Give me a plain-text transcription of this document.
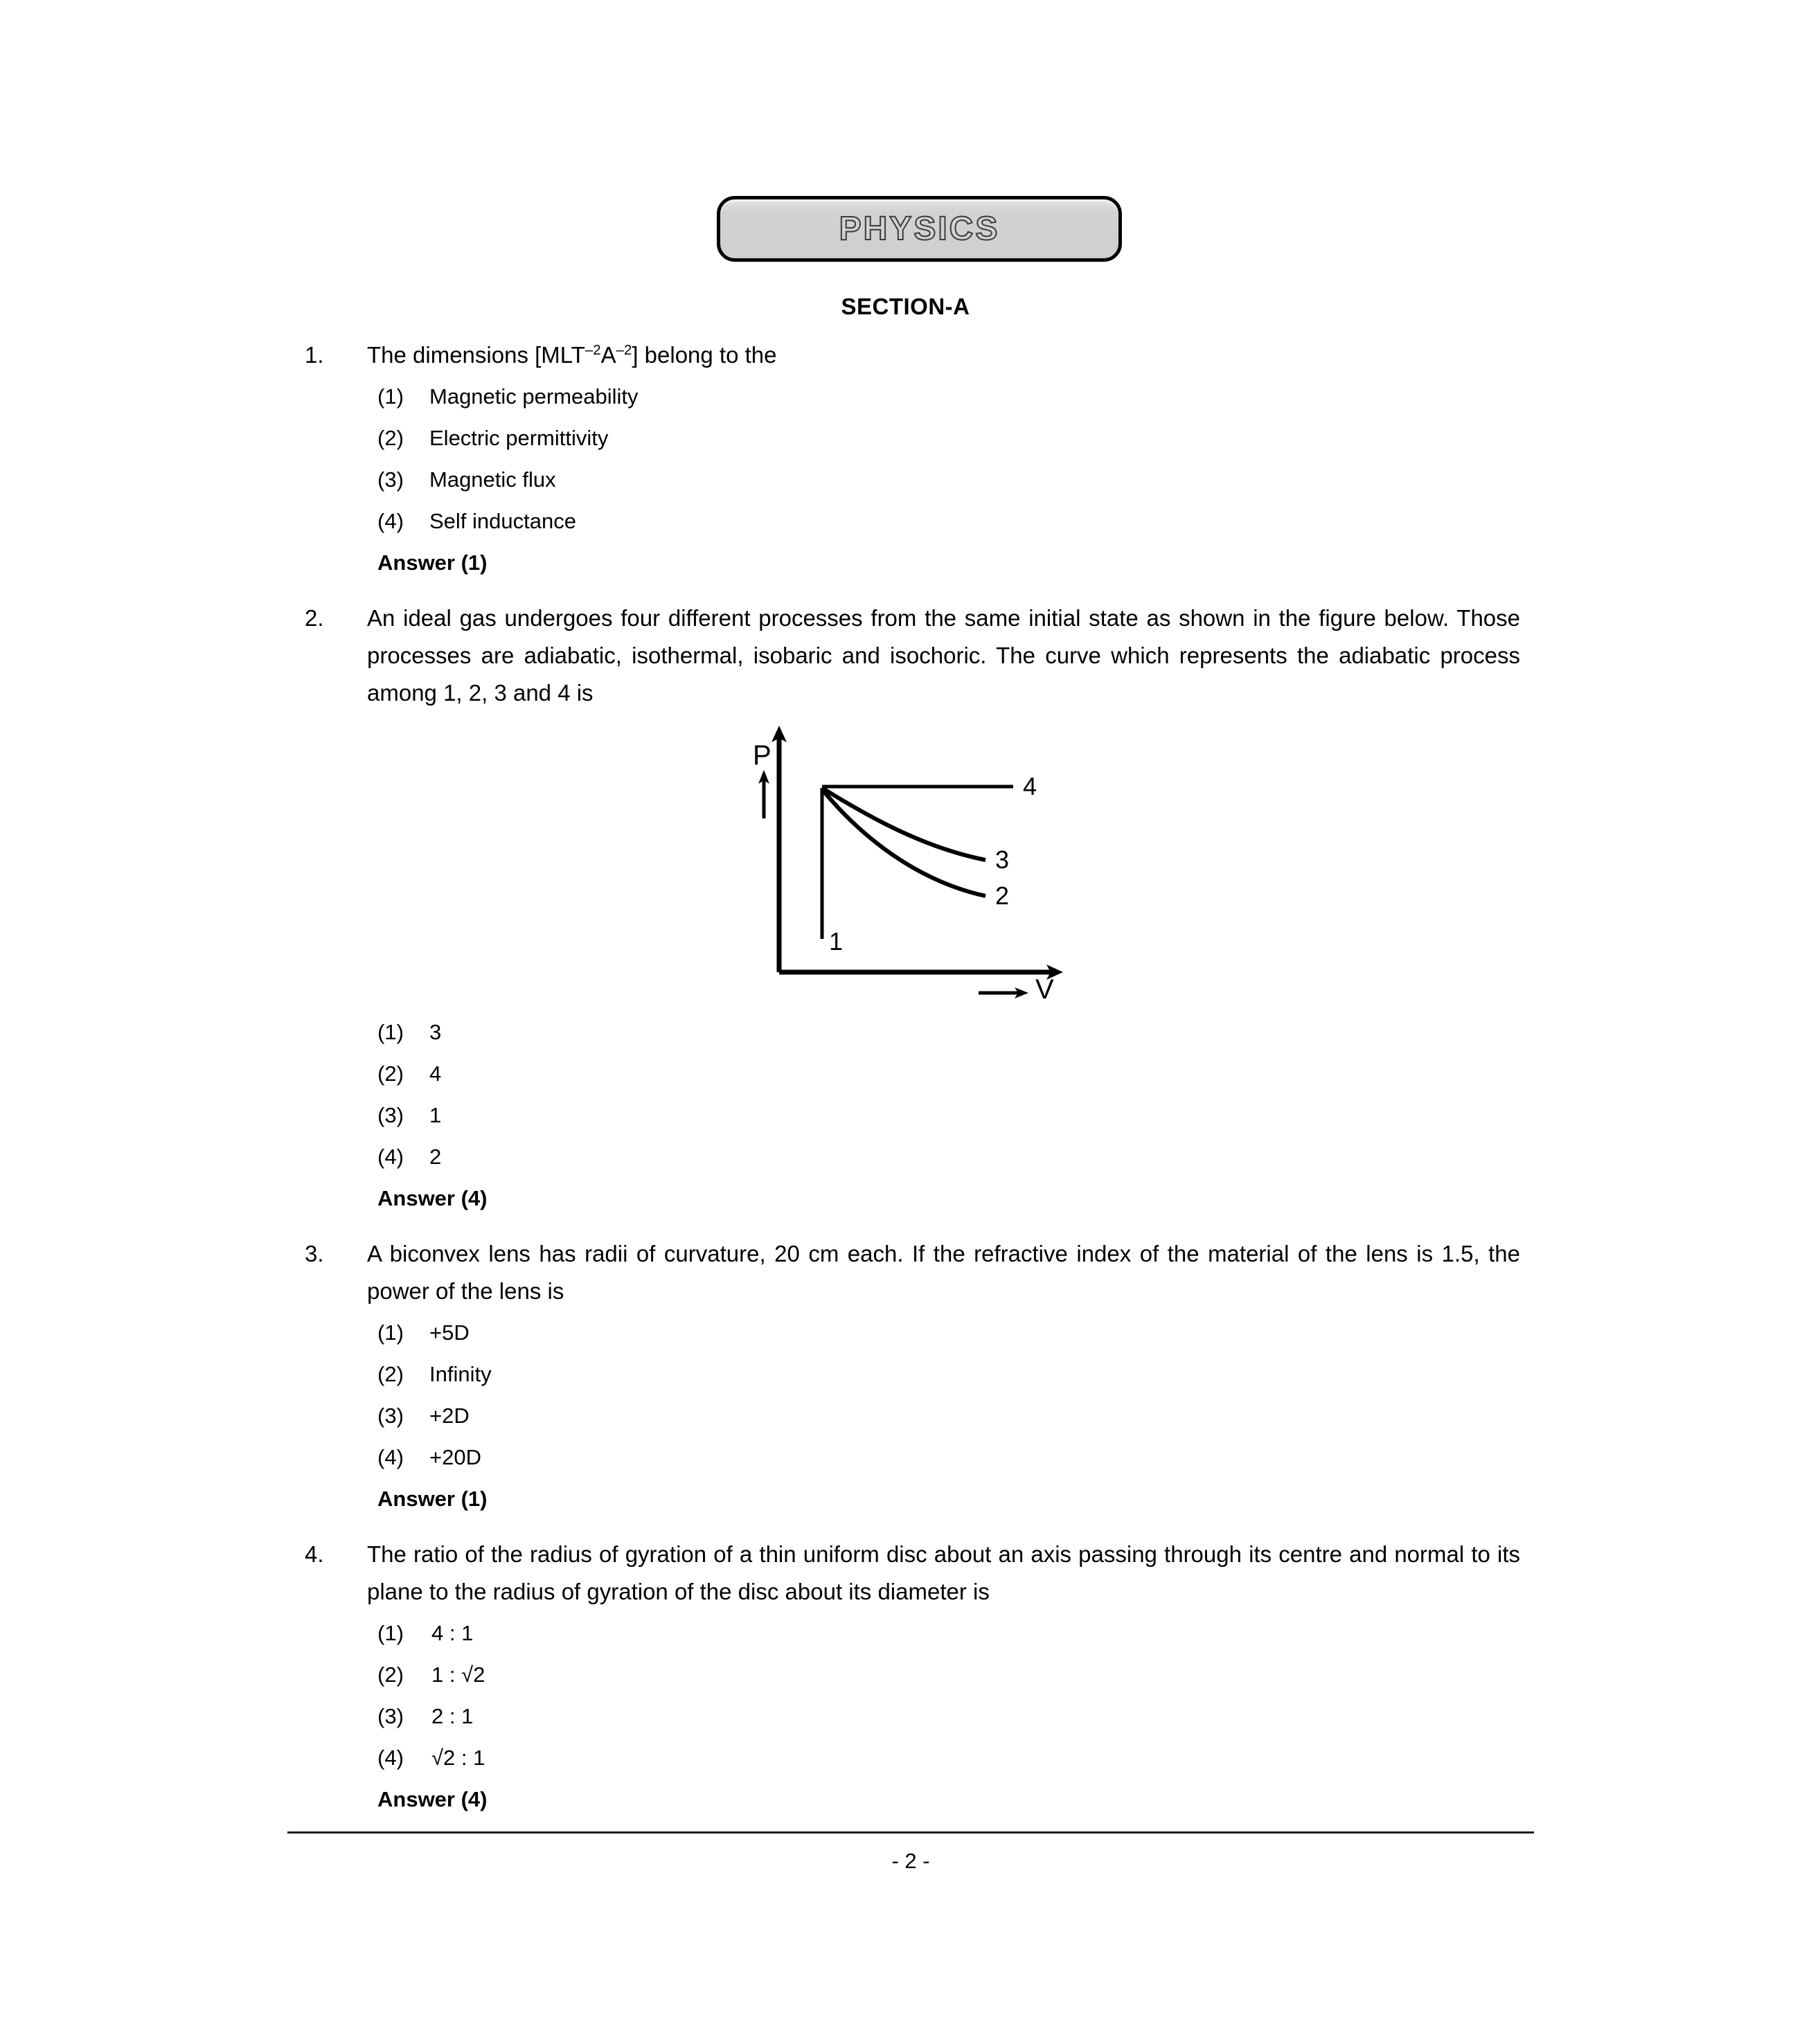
PHYSICS
SECTION-A
1.	The dimensions $[MLT^{-2}A^{-2}]$ belong to the
(1)	Magnetic permeability
(2)	Electric permittivity
(3)	Magnetic flux
(4)	Self inductance
Answer (1)
2.	An ideal gas undergoes four different processes from the same initial state as shown in the figure below. Those processes are adiabatic, isothermal, isobaric and isochoric. The curve which represents the adiabatic process among 1, 2, 3 and 4 is
P
V
4
3
2
1
(1)	3
(2)	4
(3)	1
(4)	2
Answer (4)
3.	A biconvex lens has radii of curvature, 20 cm each. If the refractive index of the material of the lens is 1.5, the power of the lens is
(1)	+5D
(2)	Infinity
(3)	+2D
(4)	+20D
Answer (1)
4.	The ratio of the radius of gyration of a thin uniform disc about an axis passing through its centre and normal to its plane to the radius of gyration of the disc about its diameter is
(1)	4 : 1
(2)	1 : √2
(3)	2 : 1
(4)	√2 : 1
Answer (4)
- 2 -
